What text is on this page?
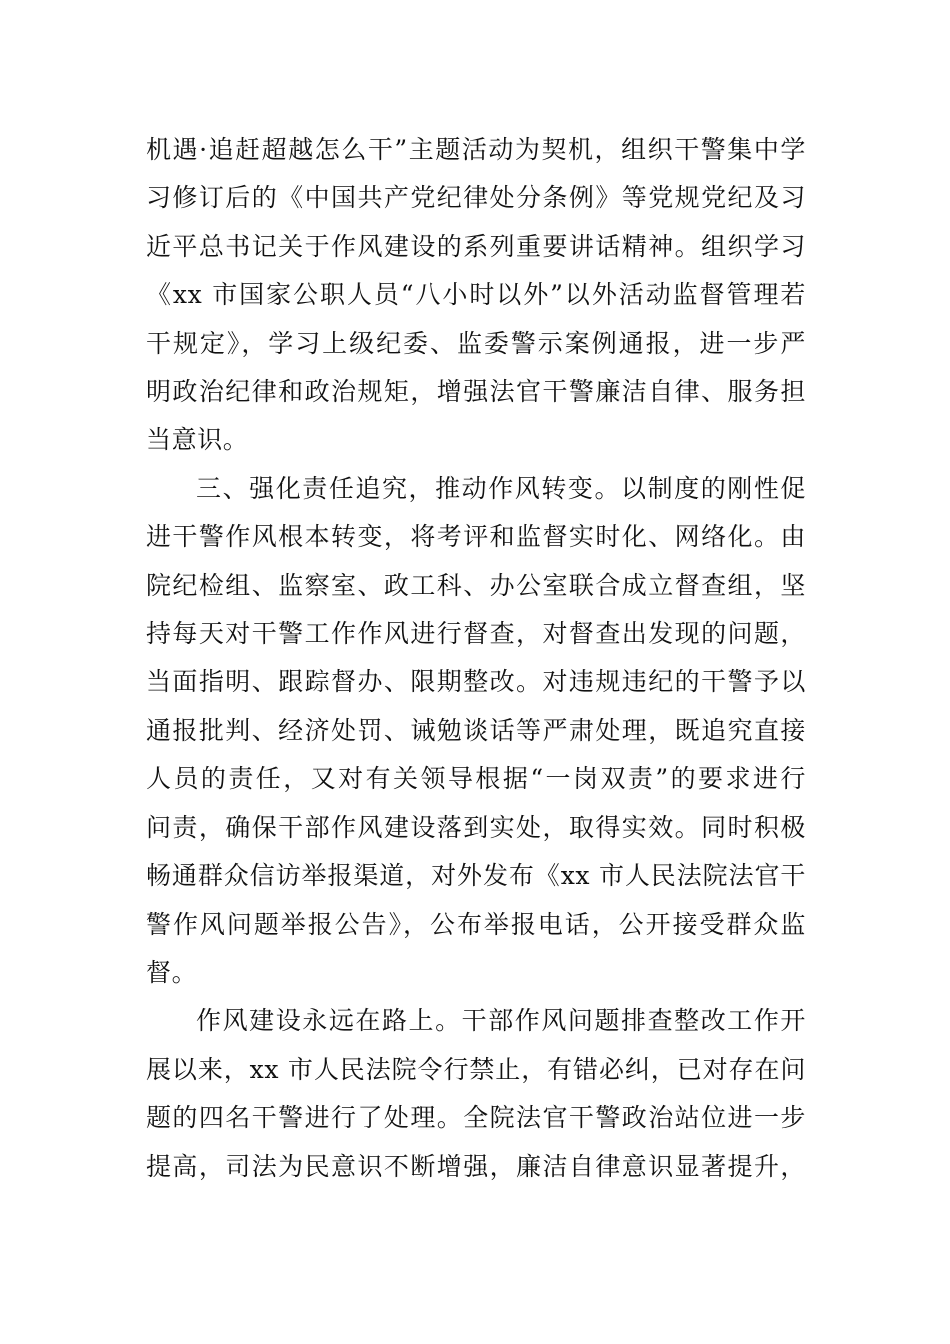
机遇·追赶超越怎么干”主题活动为契机，组织干警集中学
习修订后的《中国共产党纪律处分条例》等党规党纪及习
近平总书记关于作风建设的系列重要讲话精神。组织学习
《xx 市国家公职人员“八小时以外”以外活动监督管理若
干规定》，学习上级纪委、监委警示案例通报，进一步严
明政治纪律和政治规矩，增强法官干警廉洁自律、服务担
当意识。

三、强化责任追究，推动作风转变。以制度的刚性促
进干警作风根本转变，将考评和监督实时化、网络化。由
院纪检组、监察室、政工科、办公室联合成立督查组，坚
持每天对干警工作作风进行督查，对督查出发现的问题，
当面指明、跟踪督办、限期整改。对违规违纪的干警予以
通报批判、经济处罚、诫勉谈话等严肃处理，既追究直接
人员的责任，又对有关领导根据“一岗双责”的要求进行
问责，确保干部作风建设落到实处，取得实效。同时积极
畅通群众信访举报渠道，对外发布《xx 市人民法院法官干
警作风问题举报公告》，公布举报电话，公开接受群众监
督。

作风建设永远在路上。干部作风问题排查整改工作开
展以来，xx 市人民法院令行禁止，有错必纠，已对存在问
题的四名干警进行了处理。全院法官干警政治站位进一步
提高，司法为民意识不断增强，廉洁自律意识显著提升，
